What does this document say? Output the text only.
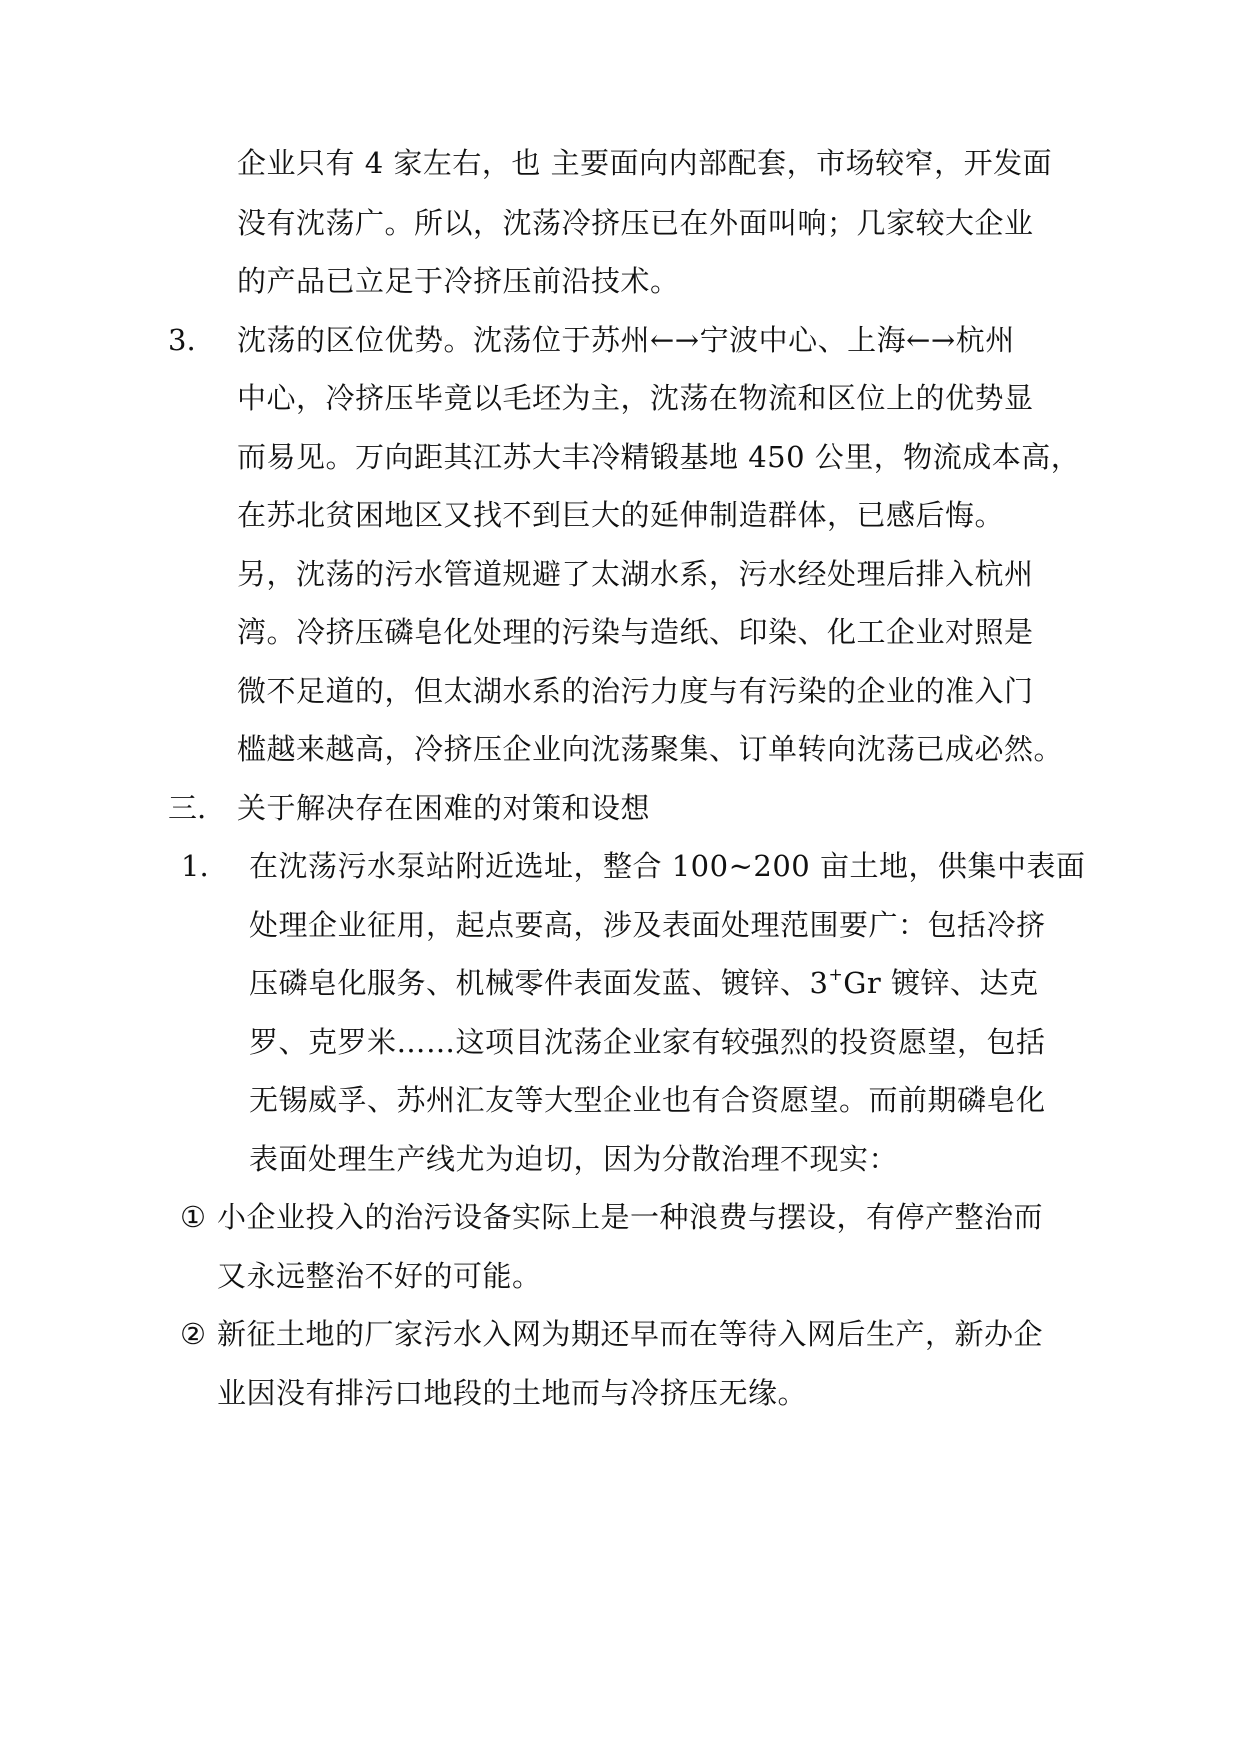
企业只有 4 家左右，也 主要面向内部配套，市场较窄，开发面
没有沈荡广。所以，沈荡冷挤压已在外面叫响；几家较大企业
的产品已立足于冷挤压前沿技术。
3. 沈荡的区位优势。沈荡位于苏州←→宁波中心、上海←→杭州
中心，冷挤压毕竟以毛坯为主，沈荡在物流和区位上的优势显
而易见。万向距其江苏大丰冷精锻基地 450 公里，物流成本高，
在苏北贫困地区又找不到巨大的延伸制造群体，已感后悔。
另，沈荡的污水管道规避了太湖水系，污水经处理后排入杭州
湾。冷挤压磷皂化处理的污染与造纸、印染、化工企业对照是
微不足道的，但太湖水系的治污力度与有污染的企业的准入门
槛越来越高，冷挤压企业向沈荡聚集、订单转向沈荡已成必然。
三. 关于解决存在困难的对策和设想
1. 在沈荡污水泵站附近选址，整合 100~200 亩土地，供集中表面
处理企业征用，起点要高，涉及表面处理范围要广：包括冷挤
压磷皂化服务、机械零件表面发蓝、镀锌、3+Gr 镀锌、达克
罗、克罗米……这项目沈荡企业家有较强烈的投资愿望，包括
无锡威孚、苏州汇友等大型企业也有合资愿望。而前期磷皂化
表面处理生产线尤为迫切，因为分散治理不现实：
① 小企业投入的治污设备实际上是一种浪费与摆设，有停产整治而
又永远整治不好的可能。
② 新征土地的厂家污水入网为期还早而在等待入网后生产，新办企
业因没有排污口地段的土地而与冷挤压无缘。
